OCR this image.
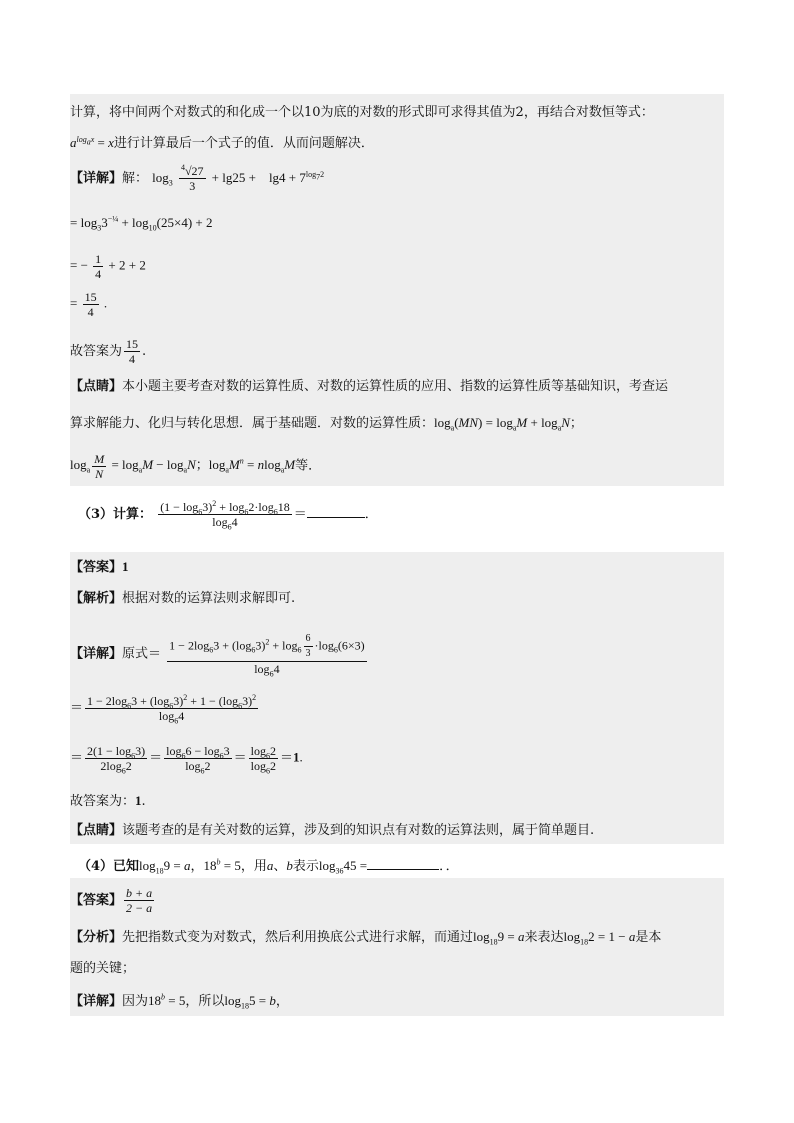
计算，将中间两个对数式的和化成一个以10为底的对数的形式即可求得其值为2，再结合对数恒等式：
$a^{log_ax} = x$进行计算最后一个式子的值．从而问题解决．
【详解】解： $\log_3 \frac{^4√27}{3} + \lg 25$ +　$\lg 4 + 7^{log_72}$
= $\log_33^{-\frac{1}{4}} + \log_{10}(25\times 4) + 2$
= − $\frac{1}{4} + 2 + 2$
= $\frac{15}{4}$ .
故答案为 $\frac{15}{4}$ .
【点睛】本小题主要考查对数的运算性质、对数的运算性质的应用、指数的运算性质等基础知识，考查运
算求解能力、化归与转化思想．属于基础题．对数的运算性质：$\log_a(MN) = \log_aM + \log_aN$；
$\log_a \frac{M}{N} = \log_aM - \log_aN$；$\log_aM^n = nlog_aM$等．
（3）计算： $\frac{(1 - \log_63)^2 + \log_62\cdot\log_618}{\log_64}$ ＝	．
【答案】1
【解析】根据对数的运算法则求解即可.
【详解】原式＝ $\frac{1 - 2\log_63 + (\log_63)^2 + \log_6 \frac{6}{3} \cdot\log_6(6\times 3)}{\log_64}$
＝ $\frac{1 - 2\log_63 + (\log_63)^2 + 1 - (\log_63)^2}{\log_64}$
＝ $\frac{2(1 - \log_63)}{2\log_62} = \frac{\log_66 - \log_63}{\log_62} = \frac{\log_62}{\log_62} =1$.
故答案为：1.
【点睛】该题考查的是有关对数的运算，涉及到的知识点有对数的运算法则，属于简单题目.
（4）已知$\log_{18}9 = a$，$18^b = 5$，用a、b表示$\log_{36}45$ =	．．
【答案】 $\frac{b + a}{2 - a}$
【分析】先把指数式变为对数式，然后利用换底公式进行求解，而通过$\log_{18}9 = a$来表达$\log_{18}2 = 1 - a$是本
题的关键；
【详解】因为$18^b = 5$，所以$\log_{18}5 = b$，
